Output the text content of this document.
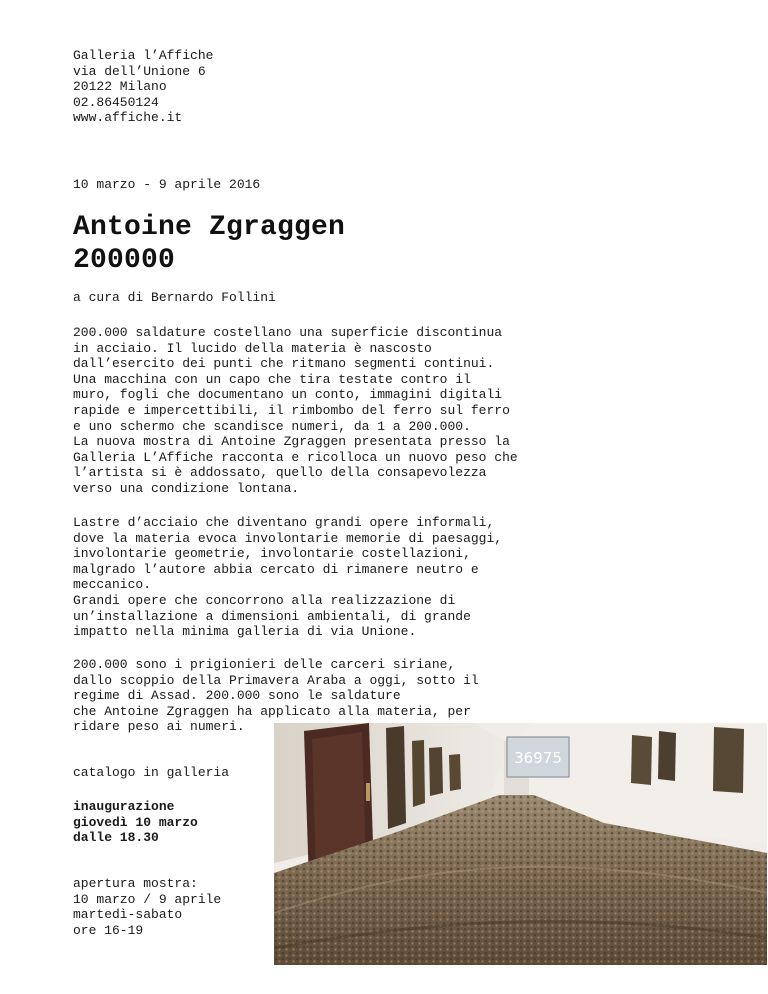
Galleria l’Affiche
via dell’Unione 6
20122 Milano
02.86450124
www.affiche.it
10 marzo - 9 aprile 2016
Antoine Zgraggen
200000
a cura di Bernardo Follini

200.000 saldature costellano una superficie discontinua
in acciaio. Il lucido della materia è nascosto
dall’esercito dei punti che ritmano segmenti continui.
Una macchina con un capo che tira testate contro il
muro, fogli che documentano un conto, immagini digitali
rapide e impercettibili, il rimbombo del ferro sul ferro
e uno schermo che scandisce numeri, da 1 a 200.000.
La nuova mostra di Antoine Zgraggen presentata presso la
Galleria L’Affiche racconta e ricolloca un nuovo peso che
l’artista si è addossato, quello della consapevolezza
verso una condizione lontana.

Lastre d’acciaio che diventano grandi opere informali,
dove la materia evoca involontarie memorie di paesaggi,
involontarie geometrie, involontarie costellazioni,
malgrado l’autore abbia cercato di rimanere neutro e
meccanico.
Grandi opere che concorrono alla realizzazione di
un’installazione a dimensioni ambientali, di grande
impatto nella minima galleria di via Unione.

200.000 sono i prigionieri delle carceri siriane,
dallo scoppio della Primavera Araba a oggi, sotto il
regime di Assad. 200.000 sono le saldature
che Antoine Zgraggen ha applicato alla materia, per
ridare peso ai numeri.

catalogo in galleria
inaugurazione
giovedì 10 marzo
dalle 18.30
apertura mostra:
10 marzo / 9 aprile
martedì-sabato
ore 16-19
36975
